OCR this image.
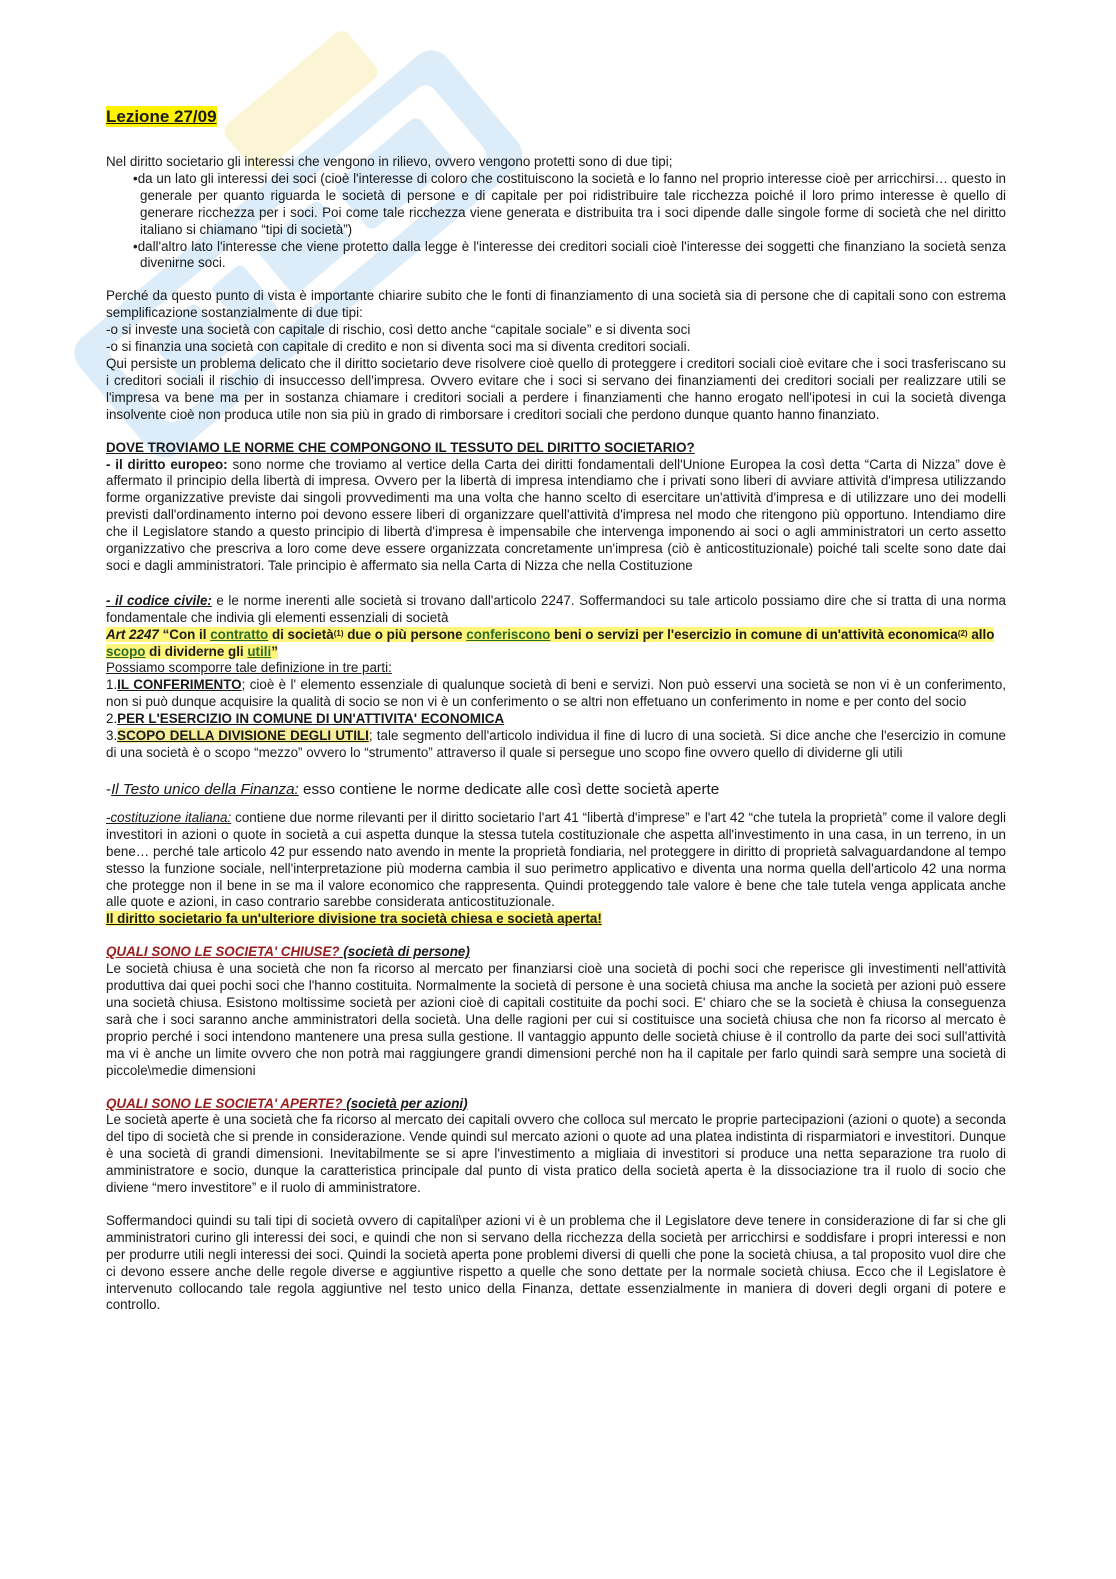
Lezione 27/09

Nel diritto societario gli interessi che vengono in rilievo, ovvero vengono protetti sono di due tipi;

•da un lato gli interessi dei soci (cioè l'interesse di coloro che costituiscono la società e lo fanno nel proprio interesse cioè per arricchirsi… questo in generale per quanto riguarda le società di persone e di capitale per poi ridistribuire tale ricchezza poiché il loro primo interesse è quello di generare ricchezza per i soci. Poi come tale ricchezza viene generata e distribuita tra i soci dipende dalle singole forme di società che nel diritto italiano si chiamano “tipi di società”)

•dall'altro lato l'interesse che viene protetto dalla legge è l'interesse dei creditori sociali cioè l'interesse dei soggetti che finanziano la società senza divenirne soci.

Perché da questo punto di vista è importante chiarire subito che le fonti di finanziamento di una società sia di persone che di capitali sono con estrema semplificazione sostanzialmente di due tipi:

-o si investe una società con capitale di rischio, così detto anche “capitale sociale” e si diventa soci

-o si finanzia una società con capitale di credito e non si diventa soci ma si diventa creditori sociali.

Qui persiste un problema delicato che il diritto societario deve risolvere cioè quello di proteggere i creditori sociali cioè evitare che i soci trasferiscano su i creditori sociali il rischio di insuccesso dell'impresa. Ovvero evitare che i soci si servano dei finanziamenti dei creditori sociali per realizzare utili se l'impresa va bene ma per in sostanza chiamare i creditori sociali a perdere i finanziamenti che hanno erogato nell'ipotesi in cui la società divenga insolvente cioè non produca utile non sia più in grado di rimborsare i creditori sociali che perdono dunque quanto hanno finanziato.

DOVE TROVIAMO LE NORME CHE COMPONGONO IL TESSUTO DEL DIRITTO SOCIETARIO?

- il diritto europeo: sono norme che troviamo al vertice della Carta dei diritti fondamentali dell'Unione Europea la così detta “Carta di Nizza” dove è affermato il principio della libertà di impresa. Ovvero per la libertà di impresa intendiamo che i privati sono liberi di avviare attività d'impresa utilizzando forme organizzative previste dai singoli provvedimenti ma una volta che hanno scelto di esercitare un'attività d'impresa e di utilizzare uno dei modelli previsti dall'ordinamento interno poi devono essere liberi di organizzare quell'attività d'impresa nel modo che ritengono più opportuno. Intendiamo dire che il Legislatore stando a questo principio di libertà d'impresa è impensabile che intervenga imponendo ai soci o agli amministratori un certo assetto organizzativo che prescriva a loro come deve essere organizzata concretamente un'impresa (ciò è anticostituzionale) poiché tali scelte sono date dai soci e dagli amministratori. Tale principio è affermato sia nella Carta di Nizza che nella Costituzione

- il codice civile: e le norme inerenti alle società si trovano dall'articolo 2247. Soffermandoci su tale articolo possiamo dire che si tratta di una norma fondamentale che indivia gli elementi essenziali di società

Art 2247 “Con il contratto di società$^{(1)}$ due o più persone conferiscono beni o servizi per l'esercizio in comune di un'attività economica$^{(2)}$ allo scopo di dividerne gli utili”

Possiamo scomporre tale definizione in tre parti:

1.IL CONFERIMENTO; cioè è l' elemento essenziale di qualunque società di beni e servizi. Non può esservi una società se non vi è un conferimento, non si può dunque acquisire la qualità di socio se non vi è un conferimento o se altri non effetuano un conferimento in nome e per conto del socio

2.PER L'ESERCIZIO IN COMUNE DI UN'ATTIVITA' ECONOMICA

3.SCOPO DELLA DIVISIONE DEGLI UTILI; tale segmento dell'articolo individua il fine di lucro di una società. Si dice anche che l'esercizio in comune di una società è o scopo “mezzo” ovvero lo “strumento” attraverso il quale si persegue uno scopo fine ovvero quello di dividerne gli utili

-Il Testo unico della Finanza: esso contiene le norme dedicate alle così dette società aperte

-costituzione italiana: contiene due norme rilevanti per il diritto societario l'art 41 “libertà d'imprese” e l'art 42 “che tutela la proprietà” come il valore degli investitori in azioni o quote in società a cui aspetta dunque la stessa tutela costituzionale che aspetta all'investimento in una casa, in un terreno, in un bene… perché tale articolo 42 pur essendo nato avendo in mente la proprietà fondiaria, nel proteggere in diritto di proprietà salvaguardandone al tempo stesso la funzione sociale, nell'interpretazione più moderna cambia il suo perimetro applicativo e diventa una norma quella dell'articolo 42 una norma che protegge non il bene in se ma il valore economico che rappresenta. Quindi proteggendo tale valore è bene che tale tutela venga applicata anche alle quote e azioni, in caso contrario sarebbe considerata anticostituzionale.

Il diritto societario fa un'ulteriore divisione tra società chiesa e società aperta!

QUALI SONO LE SOCIETA' CHIUSE? (società di persone)

Le società chiusa è una società che non fa ricorso al mercato per finanziarsi cioè una società di pochi soci che reperisce gli investimenti nell'attività produttiva dai quei pochi soci che l'hanno costituita. Normalmente la società di persone è una società chiusa ma anche la società per azioni può essere una società chiusa. Esistono moltissime società per azioni cioè di capitali costituite da pochi soci. E' chiaro che se la società è chiusa la conseguenza sarà che i soci saranno anche amministratori della società. Una delle ragioni per cui si costituisce una società chiusa che non fa ricorso al mercato è proprio perché i soci intendono mantenere una presa sulla gestione. Il vantaggio appunto delle società chiuse è il controllo da parte dei soci sull'attività ma vi è anche un limite ovvero che non potrà mai raggiungere grandi dimensioni perché non ha il capitale per farlo quindi sarà sempre una società di piccole\medie dimensioni

QUALI SONO LE SOCIETA' APERTE? (società per azioni)

Le società aperte è una società che fa ricorso al mercato dei capitali ovvero che colloca sul mercato le proprie partecipazioni (azioni o quote) a seconda del tipo di società che si prende in considerazione. Vende quindi sul mercato azioni o quote ad una platea indistinta di risparmiatori e investitori. Dunque è una società di grandi dimensioni. Inevitabilmente se si apre l'investimento a migliaia di investitori si produce una netta separazione tra ruolo di amministratore e socio, dunque la caratteristica principale dal punto di vista pratico della società aperta è la dissociazione tra il ruolo di socio che diviene “mero investitore” e il ruolo di amministratore.

Soffermandoci quindi su tali tipi di società ovvero di capitali\per azioni vi è un problema che il Legislatore deve tenere in considerazione di far si che gli amministratori curino gli interessi dei soci, e quindi che non si servano della ricchezza della società per arricchirsi e soddisfare i propri interessi e non per produrre utili negli interessi dei soci. Quindi la società aperta pone problemi diversi di quelli che pone la società chiusa, a tal proposito vuol dire che ci devono essere anche delle regole diverse e aggiuntive rispetto a quelle che sono dettate per la normale società chiusa. Ecco che il Legislatore è intervenuto collocando tale regola aggiuntive nel testo unico della Finanza, dettate essenzialmente in maniera di doveri degli organi di potere e controllo.
